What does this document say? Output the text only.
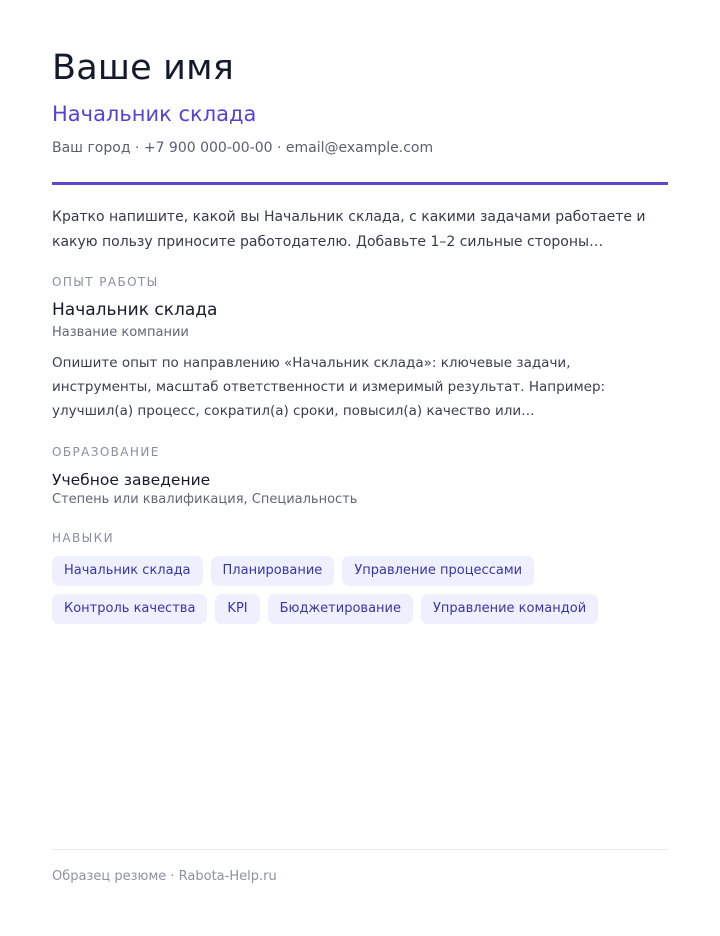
Ваше имя
Начальник склада
Ваш город · +7 900 000-00-00 · email@example.com
Кратко напишите, какой вы Начальник склада, с какими задачами работаете и какую пользу приносите работодателю. Добавьте 1–2 сильные стороны…
ОПЫТ РАБОТЫ
Начальник склада
Название компании
Опишите опыт по направлению «Начальник склада»: ключевые задачи, инструменты, масштаб ответственности и измеримый результат. Например: улучшил(а) процесс, сократил(а) сроки, повысил(а) качество или…
ОБРАЗОВАНИЕ
Учебное заведение
Степень или квалификация, Специальность
НАВЫКИ
Начальник склада	Планирование	Управление процессами
Контроль качества	KPI	Бюджетирование	Управление командой
Образец резюме · Rabota-Help.ru
